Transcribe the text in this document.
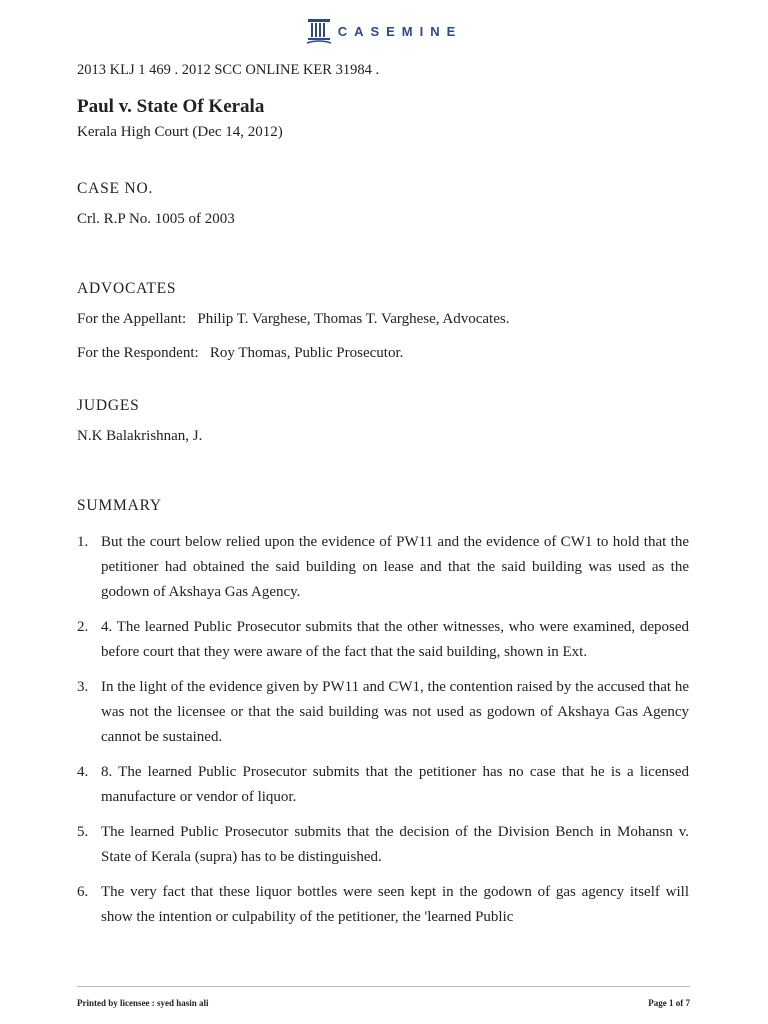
CASEMINE
2013 KLJ 1 469 . 2012 SCC ONLINE KER 31984 .
Paul v. State Of Kerala
Kerala High Court (Dec 14, 2012)
CASE NO.
Crl. R.P No. 1005 of 2003
ADVOCATES
For the Appellant:   Philip T. Varghese, Thomas T. Varghese, Advocates.
For the Respondent:   Roy Thomas, Public Prosecutor.
JUDGES
N.K Balakrishnan, J.
SUMMARY
1. But the court below relied upon the evidence of PW11 and the evidence of CW1 to hold that the petitioner had obtained the said building on lease and that the said building was used as the godown of Akshaya Gas Agency.
2. 4. The learned Public Prosecutor submits that the other witnesses, who were examined, deposed before court that they were aware of the fact that the said building, shown in Ext.
3. In the light of the evidence given by PW11 and CW1, the contention raised by the accused that he was not the licensee or that the said building was not used as godown of Akshaya Gas Agency cannot be sustained.
4. 8. The learned Public Prosecutor submits that the petitioner has no case that he is a licensed manufacture or vendor of liquor.
5. The learned Public Prosecutor submits that the decision of the Division Bench in Mohansn v. State of Kerala (supra) has to be distinguished.
6. The very fact that these liquor bottles were seen kept in the godown of gas agency itself will show the intention or culpability of the petitioner, the 'learned Public
Printed by licensee : syed hasin ali	Page 1 of 7
